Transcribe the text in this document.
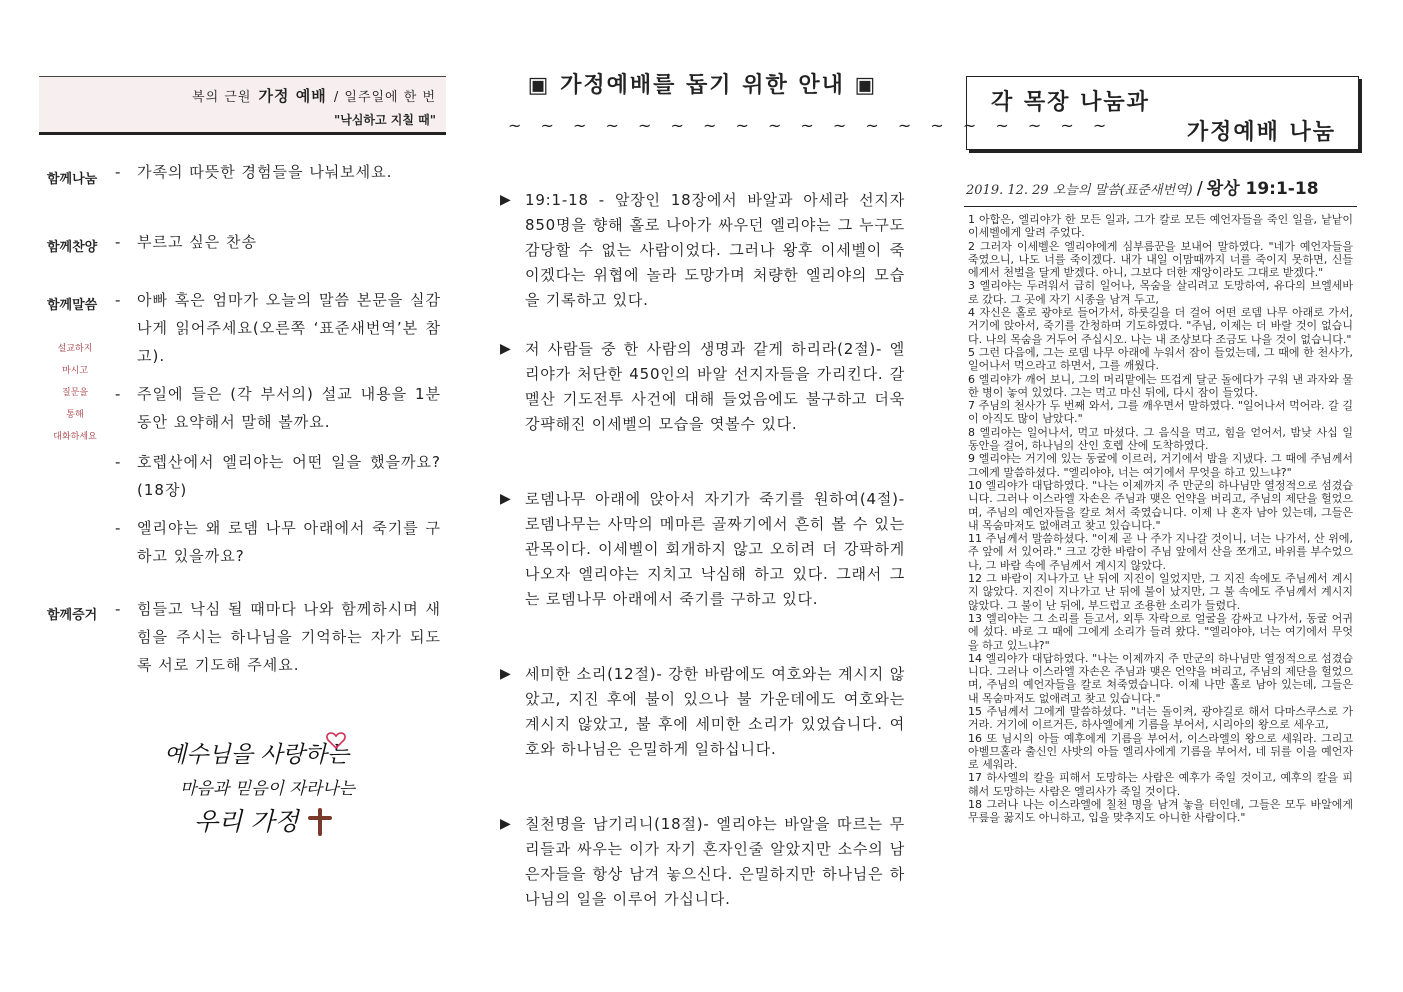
복의 근원 가정 예배 / 일주일에 한 번
"낙심하고 지칠 때"
함께나눔 -	가족의 따뜻한 경험들을 나눠보세요.
함께찬양 -	부르고 싶은 찬송
함께말씀 -	아빠 혹은 엄마가 오늘의 말씀 본문을 실감나게 읽어주세요(오른쪽 ‘표준새번역’본 참고).
-	주일에 들은 (각 부서의) 설교 내용을 1분 동안 요약해서 말해 볼까요.
-	호렙산에서 엘리야는 어떤 일을 했을까요?(18장)
-	엘리야는 왜 로뎀 나무 아래에서 죽기를 구하고 있을까요?
설교하지
마시고
질문을
통해
대화하세요
함께증거 -	힘들고 낙심 될 때마다 나와 함께하시며 새힘을 주시는 하나님을 기억하는 자가 되도록 서로 기도해 주세요.
예수님을 사랑하는
마음과 믿음이 자라나는
우리 가정
▣ 가정예배를 돕기 위한 안내 ▣
~ ~ ~ ~ ~ ~ ~ ~ ~ ~ ~ ~ ~ ~ ~ ~ ~ ~ ~
▶ 19:1-18 - 앞장인 18장에서 바알과 아세라 선지자 850명을 향해 홀로 나아가 싸우던 엘리야는 그 누구도 감당할 수 없는 사람이었다. 그러나 왕후 이세벨이 죽이겠다는 위협에 놀라 도망가며 처량한 엘리야의 모습을 기록하고 있다.
▶ 저 사람들 중 한 사람의 생명과 같게 하리라(2절)- 엘리야가 처단한 450인의 바알 선지자들을 가리킨다. 갈멜산 기도전투 사건에 대해 들었음에도 불구하고 더욱 강퍅해진 이세벨의 모습을 엿볼수 있다.
▶ 로뎀나무 아래에 앉아서 자기가 죽기를 원하여(4절)- 로뎀나무는 사막의 메마른 골짜기에서 흔히 볼 수 있는 관목이다. 이세벨이 회개하지 않고 오히려 더 강팍하게 나오자 엘리야는 지치고 낙심해 하고 있다. 그래서 그는 로뎀나무 아래에서 죽기를 구하고 있다.
▶ 세미한 소리(12절)- 강한 바람에도 여호와는 계시지 않았고, 지진 후에 불이 있으나 불 가운데에도 여호와는 계시지 않았고, 불 후에 세미한 소리가 있었습니다. 여호와 하나님은 은밀하게 일하십니다.
▶ 칠천명을 남기리니(18절)- 엘리야는 바알을 따르는 무리들과 싸우는 이가 자기 혼자인줄 알았지만 소수의 남은자들을 항상 남겨 놓으신다. 은밀하지만 하나님은 하나님의 일을 이루어 가십니다.
각 목장 나눔과
가정예배 나눔
2019. 12. 29 오늘의 말씀(표준새번역) / 왕상 19:1-18

1 아합은, 엘리야가 한 모든 일과, 그가 칼로 모든 예언자들을 죽인 일을, 낱낱이 이세벨에게 알려 주었다.

2 그러자 이세벨은 엘리야에게 심부름꾼을 보내어 말하였다. "네가 예언자들을 죽였으니, 나도 너를 죽이겠다. 내가 내일 이맘때까지 너를 죽이지 못하면, 신들에게서 천벌을 달게 받겠다. 아니, 그보다 더한 재앙이라도 그대로 받겠다."

3 엘리야는 두려워서 급히 일어나, 목숨을 살리려고 도망하여, 유다의 브엘세바로 갔다. 그 곳에 자기 시종을 남겨 두고,

4 자신은 홀로 광야로 들어가서, 하룻길을 더 걸어 어떤 로뎀 나무 아래로 가서, 거기에 앉아서, 죽기를 간청하며 기도하였다. "주님, 이제는 더 바랄 것이 없습니다. 나의 목숨을 거두어 주십시오. 나는 내 조상보다 조금도 나을 것이 없습니다."

5 그런 다음에, 그는 로뎀 나무 아래에 누워서 잠이 들었는데, 그 때에 한 천사가, 일어나서 먹으라고 하면서, 그를 깨웠다.

6 엘리야가 깨어 보니, 그의 머리맡에는 뜨겁게 달군 돌에다가 구워 낸 과자와 물 한 병이 놓여 있었다. 그는 먹고 마신 뒤에, 다시 잠이 들었다.

7 주님의 천사가 두 번째 와서, 그를 깨우면서 말하였다. "일어나서 먹어라. 갈 길이 아직도 많이 남았다."

8 엘리야는 일어나서, 먹고 마셨다. 그 음식을 먹고, 힘을 얻어서, 밤낮 사십 일 동안을 걸어, 하나님의 산인 호렙 산에 도착하였다.

9 엘리야는 거기에 있는 동굴에 이르러, 거기에서 밤을 지냈다. 그 때에 주님께서 그에게 말씀하셨다. "엘리야야, 너는 여기에서 무엇을 하고 있느냐?"

10 엘리야가 대답하였다. "나는 이제까지 주 만군의 하나님만 열정적으로 섬겼습니다. 그러나 이스라엘 자손은 주님과 맺은 언약을 버리고, 주님의 제단을 헐었으며, 주님의 예언자들을 칼로 쳐서 죽였습니다. 이제 나 혼자 남아 있는데, 그들은 내 목숨마저도 없애려고 찾고 있습니다."

11 주님께서 말씀하셨다. "이제 곧 나 주가 지나갈 것이니, 너는 나가서, 산 위에, 주 앞에 서 있어라." 크고 강한 바람이 주님 앞에서 산을 쪼개고, 바위를 부수었으나, 그 바람 속에 주님께서 계시지 않았다.

12 그 바람이 지나가고 난 뒤에 지진이 일었지만, 그 지진 속에도 주님께서 계시지 않았다. 지진이 지나가고 난 뒤에 불이 났지만, 그 불 속에도 주님께서 계시지 않았다. 그 불이 난 뒤에, 부드럽고 조용한 소리가 들렸다.

13 엘리야는 그 소리를 듣고서, 외투 자락으로 얼굴을 감싸고 나가서, 동굴 어귀에 섰다. 바로 그 때에 그에게 소리가 들려 왔다. "엘리야야, 너는 여기에서 무엇을 하고 있느냐?"

14 엘리야가 대답하였다. "나는 이제까지 주 만군의 하나님만 열정적으로 섬겼습니다. 그러나 이스라엘 자손은 주님과 맺은 언약을 버리고, 주님의 제단을 헐었으며, 주님의 예언자들을 칼로 쳐죽였습니다. 이제 나만 홀로 남아 있는데, 그들은 내 목숨마저도 없애려고 찾고 있습니다."

15 주님께서 그에게 말씀하셨다. "너는 돌이켜, 광야길로 해서 다마스쿠스로 가거라. 거기에 이르거든, 하사엘에게 기름을 부어서, 시리아의 왕으로 세우고,

16 또 님시의 아들 예후에게 기름을 부어서, 이스라엘의 왕으로 세워라. 그리고 아벨므홀라 출신인 사밧의 아들 엘리사에게 기름을 부어서, 네 뒤를 이을 예언자로 세워라.

17 하사엘의 칼을 피해서 도망하는 사람은 예후가 죽일 것이고, 예후의 칼을 피해서 도망하는 사람은 엘리사가 죽일 것이다.

18 그러나 나는 이스라엘에 칠천 명을 남겨 놓을 터인데, 그들은 모두 바알에게 무릎을 꿇지도 아니하고, 입을 맞추지도 아니한 사람이다."
